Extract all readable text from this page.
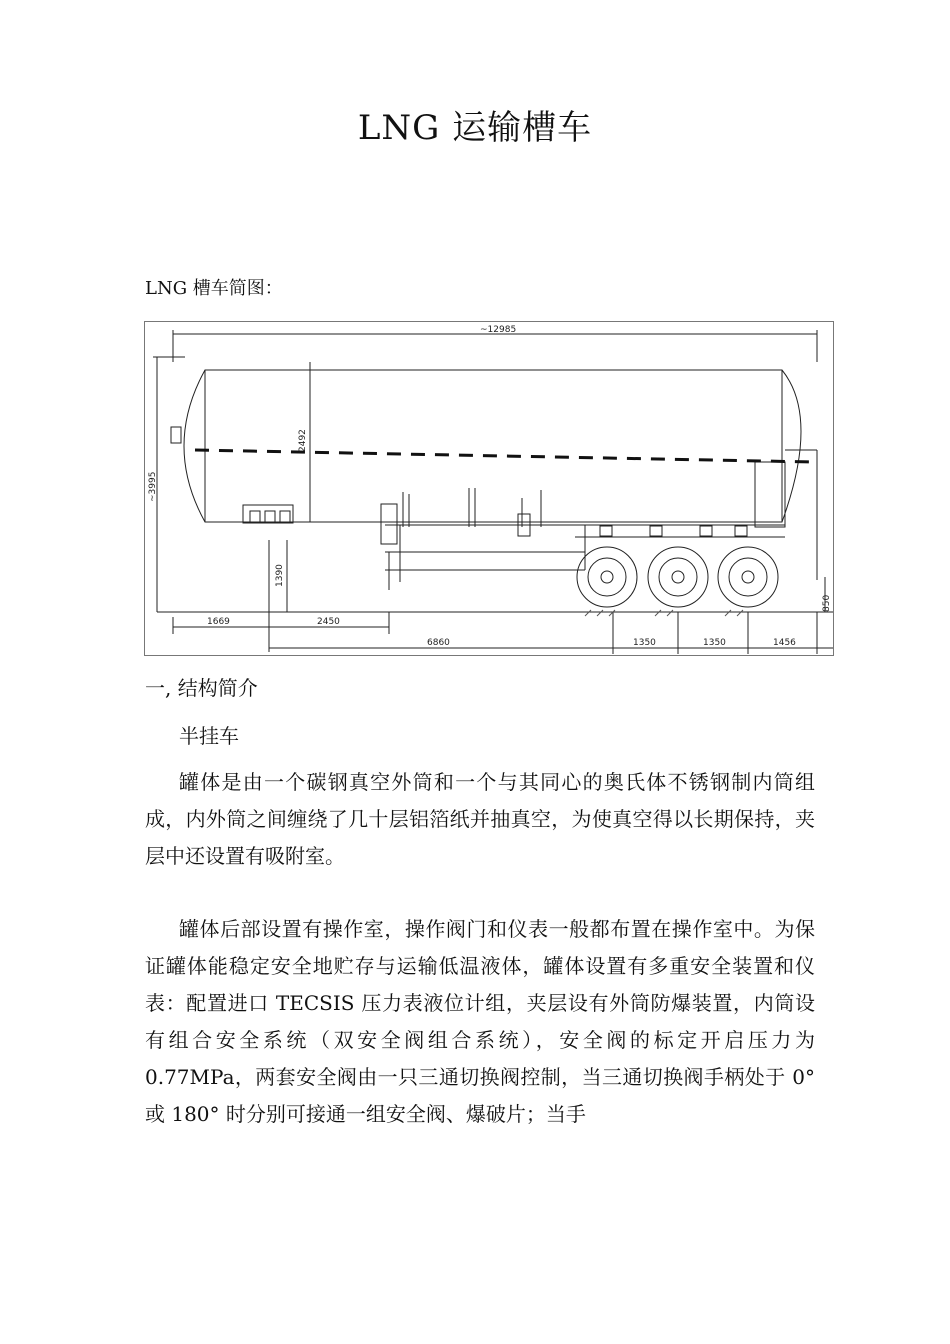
LNG 运输槽车
LNG 槽车简图：
~12985
~3995
2492
1390
850
1669	2450
6860	1350	1350	1456
一, 结构简介
半挂车
罐体是由一个碳钢真空外筒和一个与其同心的奥氏体不锈钢制内筒组成，内外筒之间缠绕了几十层铝箔纸并抽真空，为使真空得以长期保持，夹层中还设置有吸附室。
罐体后部设置有操作室，操作阀门和仪表一般都布置在操作室中。为保证罐体能稳定安全地贮存与运输低温液体，罐体设置有多重安全装置和仪表：配置进口 TECSIS 压力表液位计组，夹层设有外筒防爆装置，内筒设有组合安全系统（双安全阀组合系统），安全阀的标定开启压力为 0.77MPa，两套安全阀由一只三通切换阀控制，当三通切换阀手柄处于 0° 或 180° 时分别可接通一组安全阀、爆破片；当手
